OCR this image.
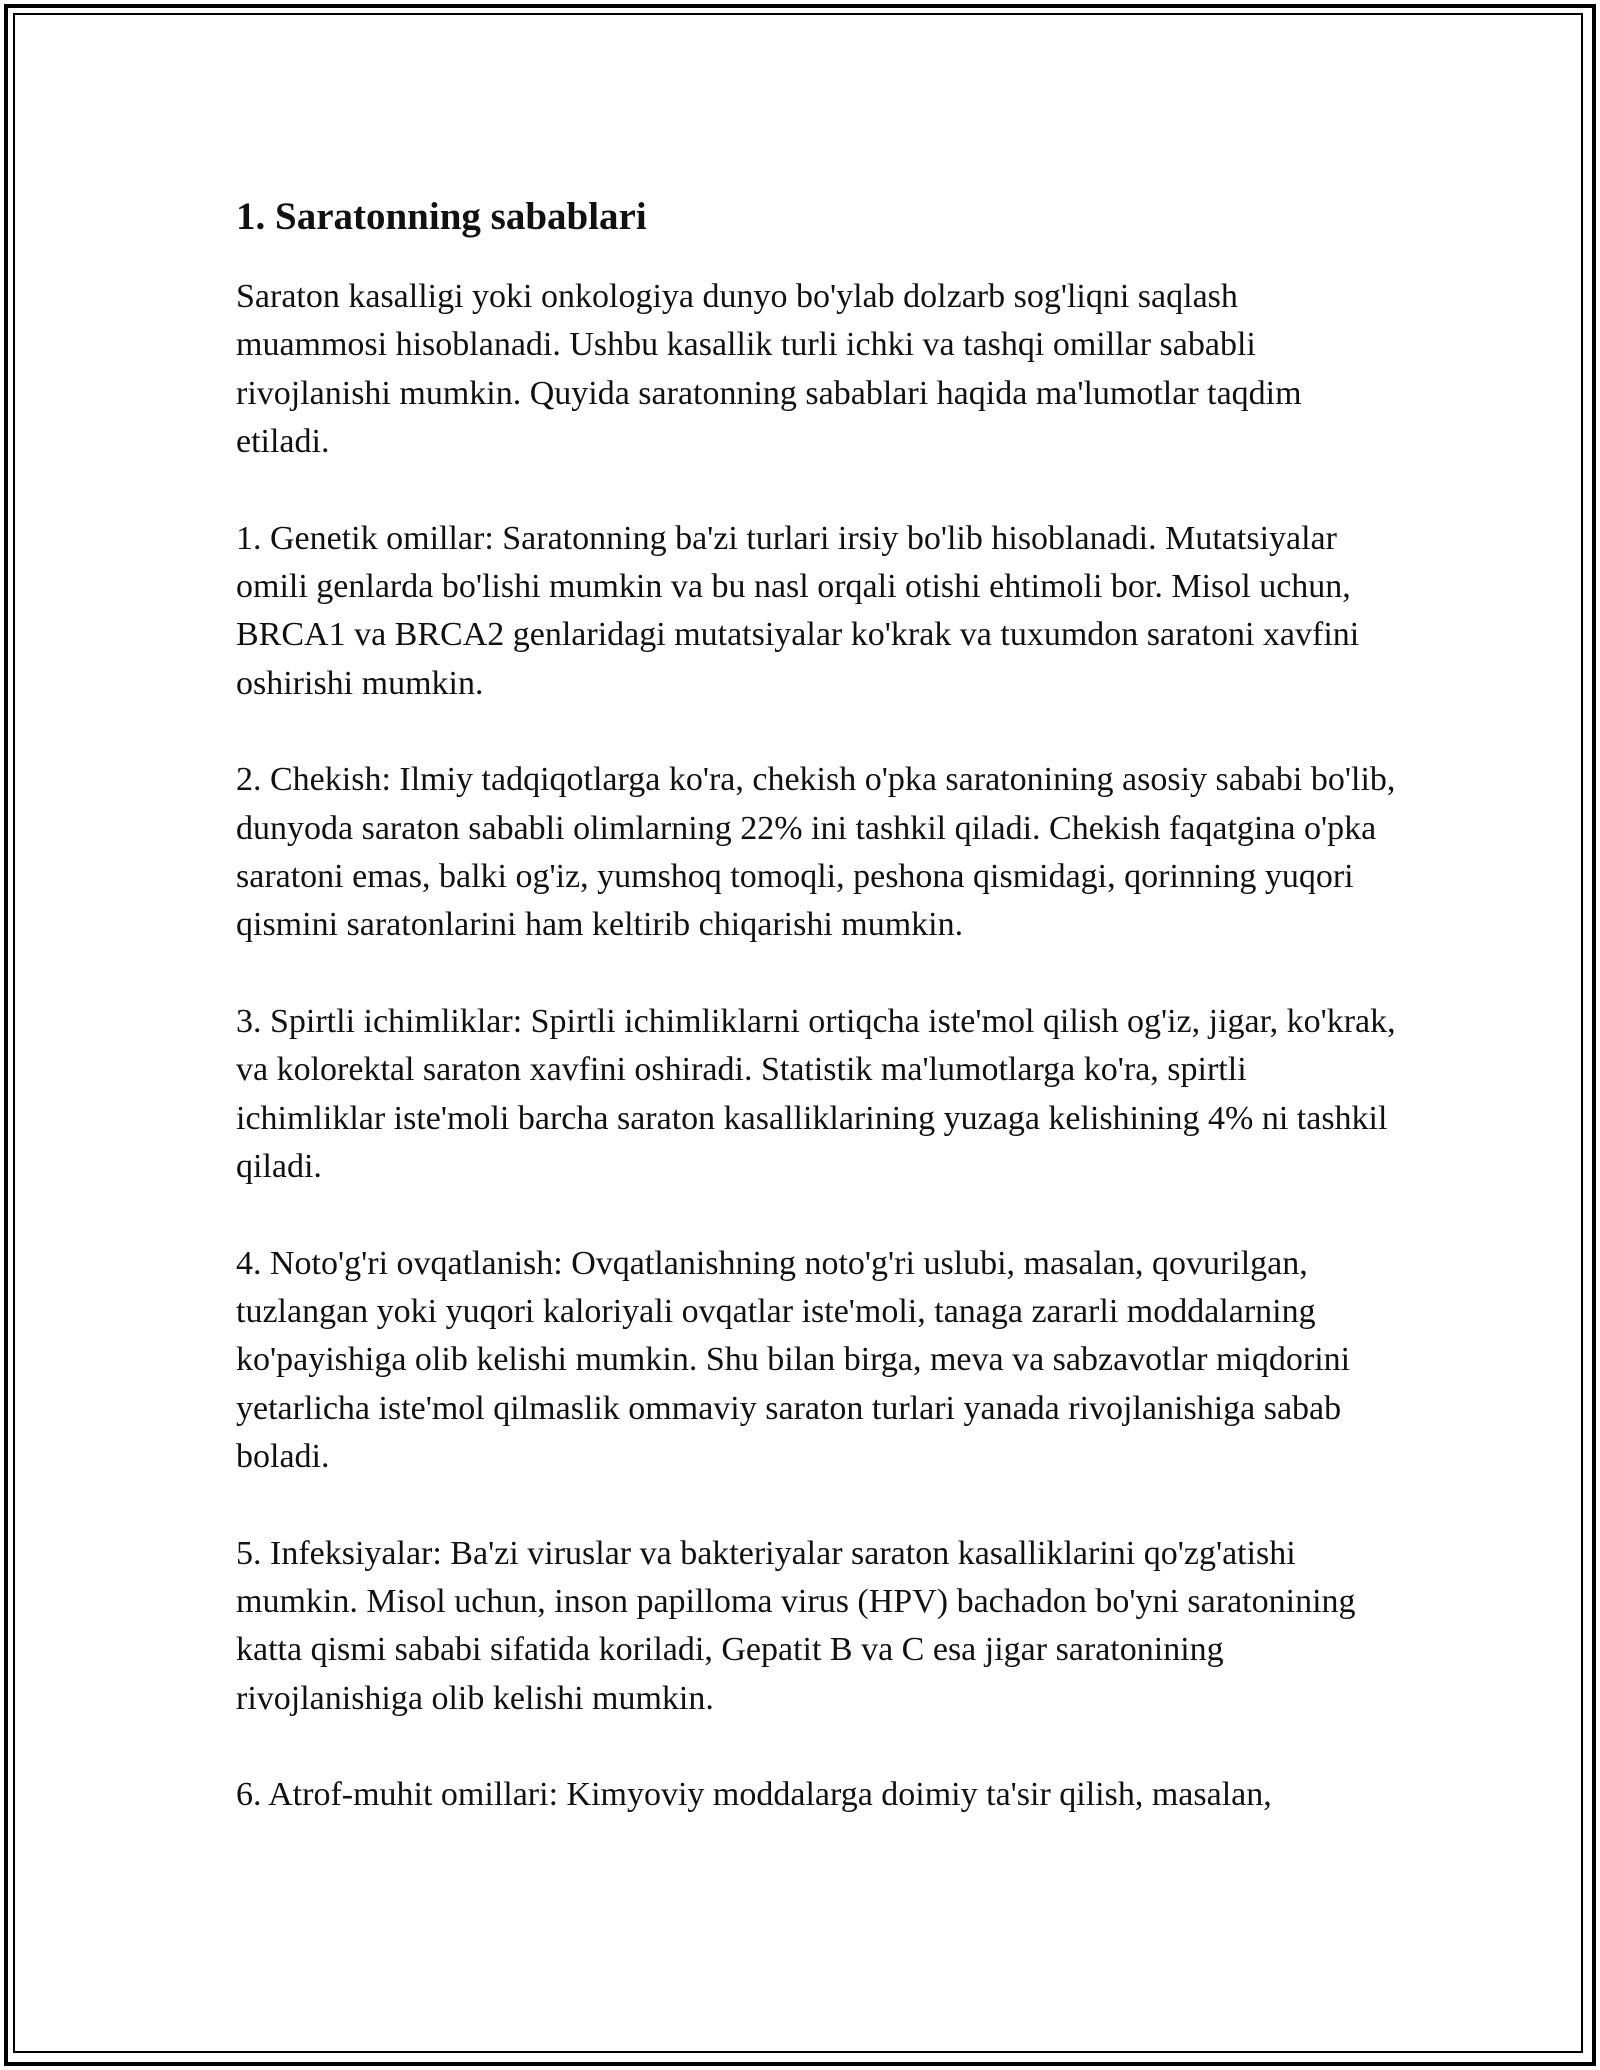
1. Saratonning sabablari

Saraton kasalligi yoki onkologiya dunyo bo'ylab dolzarb sog'liqni saqlash muammosi hisoblanadi. Ushbu kasallik turli ichki va tashqi omillar sababli rivojlanishi mumkin. Quyida saratonning sabablari haqida ma'lumotlar taqdim etiladi.

1. Genetik omillar: Saratonning ba'zi turlari irsiy bo'lib hisoblanadi. Mutatsiyalar omili genlarda bo'lishi mumkin va bu nasl orqali otishi ehtimoli bor. Misol uchun, BRCA1 va BRCA2 genlaridagi mutatsiyalar ko'krak va tuxumdon saratoni xavfini oshirishi mumkin.

2. Chekish: Ilmiy tadqiqotlarga ko'ra, chekish o'pka saratonining asosiy sababi bo'lib, dunyoda saraton sababli olimlarning 22% ini tashkil qiladi. Chekish faqatgina o'pka saratoni emas, balki og'iz, yumshoq tomoqli, peshona qismidagi, qorinning yuqori qismini saratonlarini ham keltirib chiqarishi mumkin.

3. Spirtli ichimliklar: Spirtli ichimliklarni ortiqcha iste'mol qilish og'iz, jigar, ko'krak, va kolorektal saraton xavfini oshiradi. Statistik ma'lumotlarga ko'ra, spirtli ichimliklar iste'moli barcha saraton kasalliklarining yuzaga kelishining 4% ni tashkil qiladi.

4. Noto'g'ri ovqatlanish: Ovqatlanishning noto'g'ri uslubi, masalan, qovurilgan, tuzlangan yoki yuqori kaloriyali ovqatlar iste'moli, tanaga zararli moddalarning ko'payishiga olib kelishi mumkin. Shu bilan birga, meva va sabzavotlar miqdorini yetarlicha iste'mol qilmaslik ommaviy saraton turlari yanada rivojlanishiga sabab boladi.

5. Infeksiyalar: Ba'zi viruslar va bakteriyalar saraton kasalliklarini qo'zg'atishi mumkin. Misol uchun, inson papilloma virus (HPV) bachadon bo'yni saratonining katta qismi sababi sifatida koriladi, Gepatit B va C esa jigar saratonining rivojlanishiga olib kelishi mumkin.

6. Atrof-muhit omillari: Kimyoviy moddalarga doimiy ta'sir qilish, masalan,
